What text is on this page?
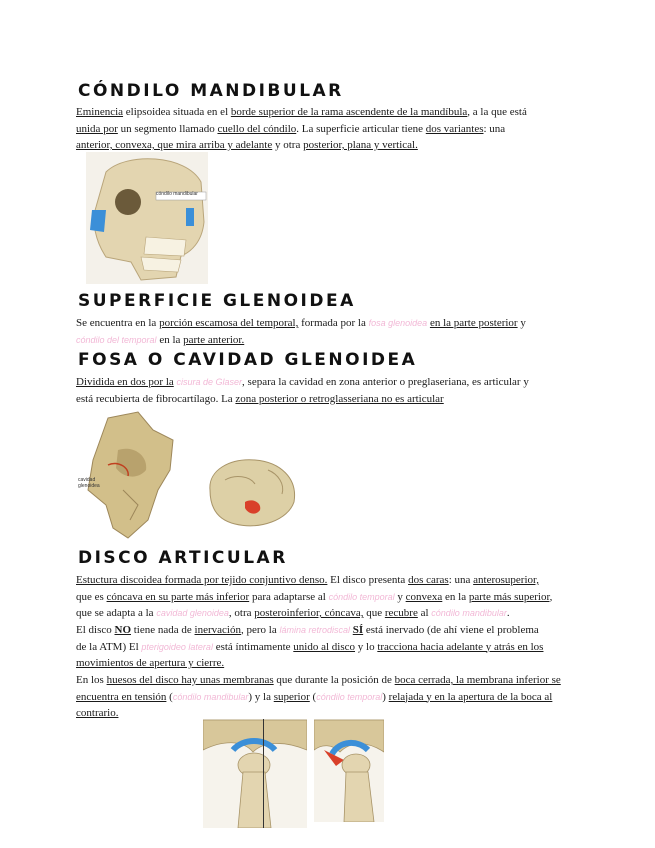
CÓNDILO MANDIBULAR
Eminencia elipsoidea situada en el borde superior de la rama ascendente de la mandíbula, a la que está
unida por un segmento llamado cuello del cóndilo. La superficie articular tiene dos variantes: una
anterior, convexa, que mira arriba y adelante y otra posterior, plana y vertical.
cóndilo mandibular
SUPERFICIE GLENOIDEA
Se encuentra en la porción escamosa del temporal, formada por la fosa glenoidea en la parte posterior y
cóndilo del temporal en la parte anterior.
FOSA O CAVIDAD GLENOIDEA
Dividida en dos por la cisura de Glaser, separa la cavidad en zona anterior o preglaseriana, es articular y
está recubierta de fibrocartílago. La zona posterior o retroglasseriana no es articular
cavidad glenoidea
DISCO ARTICULAR
Estuctura discoidea formada por tejido conjuntivo denso. El disco presenta dos caras: una anterosuperior,
que es cóncava en su parte más inferior para adaptarse al cóndilo temporal y convexa en la parte más superior,
que se adapta a la cavidad glenoidea, otra posteroinferior, cóncava, que recubre al cóndilo mandibular.
El disco NO tiene nada de inervación, pero la lámina retrodiscal SÍ está inervado (de ahí viene el problema
de la ATM) El pterigoideo lateral está íntimamente unido al disco y lo tracciona hacia adelante y atrás en los movimientos de apertura y cierre.
En los huesos del disco hay unas membranas que durante la posición de boca cerrada, la membrana inferior se encuentra en tensión (cóndilo mandibular) y la superior (cóndilo temporal) relajada y en la apertura de la boca al contrario.
